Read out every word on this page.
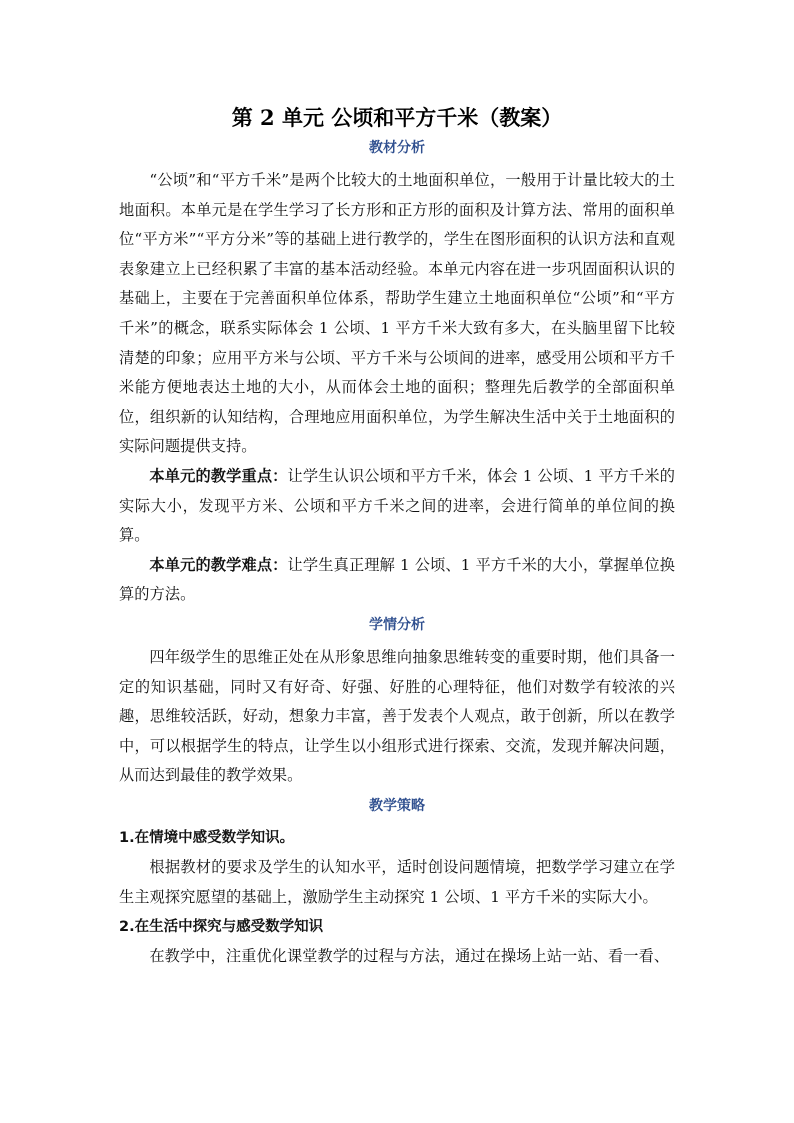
第 2 单元 公顷和平方千米（教案）
教材分析

“公顷”和“平方千米”是两个比较大的土地面积单位，一般用于计量比较大的土地面积。本单元是在学生学习了长方形和正方形的面积及计算方法、常用的面积单位“平方米”“平方分米”等的基础上进行教学的，学生在图形面积的认识方法和直观表象建立上已经积累了丰富的基本活动经验。本单元内容在进一步巩固面积认识的基础上，主要在于完善面积单位体系，帮助学生建立土地面积单位“公顷”和“平方千米”的概念，联系实际体会 1 公顷、1 平方千米大致有多大，在头脑里留下比较清楚的印象；应用平方米与公顷、平方千米与公顷间的进率，感受用公顷和平方千米能方便地表达土地的大小，从而体会土地的面积；整理先后教学的全部面积单位，组织新的认知结构，合理地应用面积单位，为学生解决生活中关于土地面积的实际问题提供支持。

本单元的教学重点：让学生认识公顷和平方千米，体会 1 公顷、1 平方千米的实际大小，发现平方米、公顷和平方千米之间的进率，会进行简单的单位间的换算。

本单元的教学难点：让学生真正理解 1 公顷、1 平方千米的大小，掌握单位换算的方法。

学情分析

四年级学生的思维正处在从形象思维向抽象思维转变的重要时期，他们具备一定的知识基础，同时又有好奇、好强、好胜的心理特征，他们对数学有较浓的兴趣，思维较活跃，好动，想象力丰富，善于发表个人观点，敢于创新，所以在教学中，可以根据学生的特点，让学生以小组形式进行探索、交流，发现并解决问题，从而达到最佳的教学效果。

教学策略
1.在情境中感受数学知识。

根据教材的要求及学生的认知水平，适时创设问题情境，把数学学习建立在学生主观探究愿望的基础上，激励学生主动探究 1 公顷、1 平方千米的实际大小。

2.在生活中探究与感受数学知识

在教学中，注重优化课堂教学的过程与方法，通过在操场上站一站、看一看、
